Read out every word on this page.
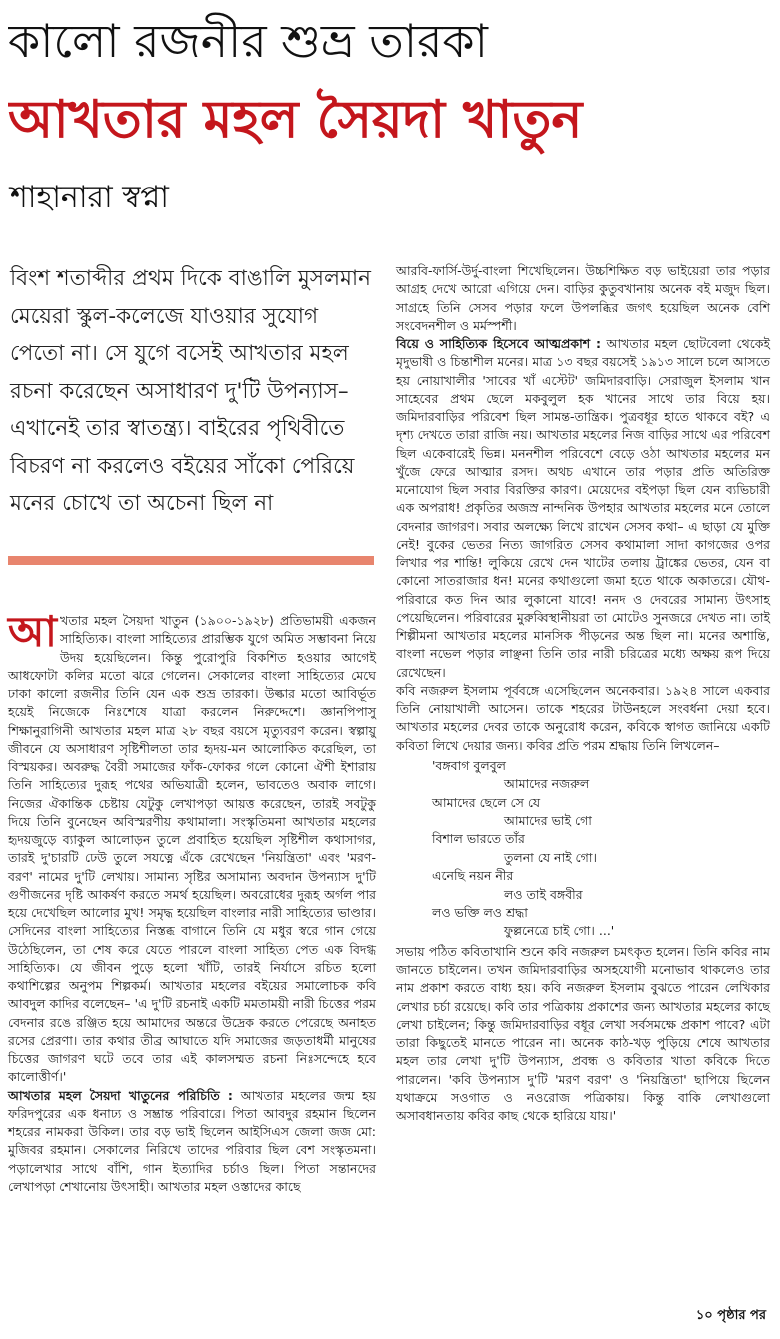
কালো রজনীর শুভ্র তারকা
আখতার মহল সৈয়দা খাতুন
শাহানারা স্বপ্না
বিংশ শতাব্দীর প্রথম দিকে বাঙালি মুসলমান মেয়েরা স্কুল-কলেজে যাওয়ার সুযোগ পেতো না। সে যুগে বসেই আখতার মহল রচনা করেছেন অসাধারণ দু'টি উপন্যাস– এখানেই তার স্বাতন্ত্র্য। বাইরের পৃথিবীতে বিচরণ না করলেও বইয়ের সাঁকো পেরিয়ে মনের চোখে তা অচেনা ছিল না

আখতার মহল সৈয়দা খাতুন (১৯০০-১৯২৮) প্রতিভাময়ী একজন সাহিত্যিক। বাংলা সাহিত্যের প্রারম্ভিক যুগে অমিত সম্ভাবনা নিয়ে উদয় হয়েছিলেন। কিন্তু পুরোপুরি বিকশিত হওয়ার আগেই আধফোটা কলির মতো ঝরে গেলেন। সেকালের বাংলা সাহিত্যের মেঘে ঢাকা কালো রজনীর তিনি যেন এক শুভ্র তারকা। উল্কার মতো আবির্ভূত হয়েই নিজেকে নিঃশেষে যাত্রা করলেন নিরুদ্দেশে। জ্ঞানপিপাসু শিক্ষানুরাগিনী আখতার মহল মাত্র ২৮ বছর বয়সে মৃত্যুবরণ করেন। স্বল্পায়ু জীবনে যে অসাধারণ সৃষ্টিশীলতা তার হৃদয়-মন আলোকিত করেছিল, তা বিস্ময়কর। অবরুদ্ধ বৈরী সমাজের ফাঁক-ফোকর গলে কোনো ঐশী ইশারায় তিনি সাহিত্যের দুরূহ পথের অভিযাত্রী হলেন, ভাবতেও অবাক লাগে। নিজের ঐকান্তিক চেষ্টায় যেটুকু লেখাপড়া আয়ত্ত করেছেন, তারই সবটুকু দিয়ে তিনি বুনেছেন অবিস্মরণীয় কথামালা। সংস্কৃতিমনা আখতার মহলের হৃদয়জুড়ে ব্যাকুল আলোড়ন তুলে প্রবাহিত হয়েছিল সৃষ্টিশীল কথাসাগর, তারই দু'চারটি ঢেউ তুলে সযত্নে এঁকে রেখেছেন 'নিয়ন্ত্রিতা' এবং 'মরণ-বরণ' নামের দু'টি লেখায়। সামান্য সৃষ্টির অসামান্য অবদান উপন্যাস দু'টি গুণীজনের দৃষ্টি আকর্ষণ করতে সমর্থ হয়েছিল। অবরোধের দুরূহ অর্গল পার হয়ে দেখেছিল আলোর মুখ! সমৃদ্ধ হয়েছিল বাংলার নারী সাহিত্যের ভাণ্ডার। সেদিনের বাংলা সাহিত্যের নিস্তব্ধ বাগানে তিনি যে মধুর স্বরে গান গেয়ে উঠেছিলেন, তা শেষ করে যেতে পারলে বাংলা সাহিত্য পেত এক বিদগ্ধ সাহিত্যিক। যে জীবন পুড়ে হলো খাঁটি, তারই নির্যাসে রচিত হলো কথাশিল্পের অনুপম শিল্পকর্ম। আখতার মহলের বইয়ের সমালোচক কবি আবদুল কাদির বলেছেন– 'এ দু'টি রচনাই একটি মমতাময়ী নারী চিত্তের পরম বেদনার রঙে রঞ্জিত হয়ে আমাদের অন্তরে উদ্রেক করতে পেরেছে অনাহত রসের প্রেরণা। তার কথার তীব্র আঘাতে যদি সমাজের জড়তাধর্মী মানুষের চিত্তের জাগরণ ঘটে তবে তার এই কালসম্মত রচনা নিঃসন্দেহে হবে কালোত্তীর্ণ।'

আখতার মহল সৈয়দা খাতুনের পরিচিতি : আখতার মহলের জন্ম হয় ফরিদপুরের এক ধনাঢ্য ও সম্ভ্রান্ত পরিবারে। পিতা আবদুর রহমান ছিলেন শহরের নামকরা উকিল। তার বড় ভাই ছিলেন আইসিএস জেলা জজ মো: মুজিবর রহমান। সেকালের নিরিখে তাদের পরিবার ছিল বেশ সংস্কৃতমনা। পড়ালেখার সাথে বাঁশি, গান ইত্যাদির চর্চাও ছিল। পিতা সন্তানদের লেখাপড়া শেখানোয় উৎসাহী। আখতার মহল ওস্তাদের কাছে

আরবি-ফার্সি-উর্দু-বাংলা শিখেছিলেন। উচ্চশিক্ষিত বড় ভাইয়েরা তার পড়ার আগ্রহ দেখে আরো এগিয়ে দেন। বাড়ির কুতুবখানায় অনেক বই মজুদ ছিল। সাগ্রহে তিনি সেসব পড়ার ফলে উপলব্ধির জগৎ হয়েছিল অনেক বেশি সংবেদনশীল ও মর্মস্পর্শী।

বিয়ে ও সাহিত্যিক হিসেবে আত্মপ্রকাশ : আখতার মহল ছোটবেলা থেকেই মৃদুভাষী ও চিন্তাশীল মনের। মাত্র ১৩ বছর বয়সেই ১৯১৩ সালে চলে আসতে হয় নোয়াখালীর 'সাবের খাঁ এস্টেট' জমিদারবাড়ি। সেরাজুল ইসলাম খান সাহেবের প্রথম ছেলে মকবুলুল হক খানের সাথে তার বিয়ে হয়। জমিদারবাড়ির পরিবেশ ছিল সামন্ত-তান্ত্রিক। পুত্রবধূর হাতে থাকবে বই? এ দৃশ্য দেখতে তারা রাজি নয়। আখতার মহলের নিজ বাড়ির সাথে এর পরিবেশ ছিল একেবারেই ভিন্ন। মননশীল পরিবেশে বেড়ে ওঠা আখতার মহলের মন খুঁজে ফেরে আত্মার রসদ। অথচ এখানে তার পড়ার প্রতি অতিরিক্ত মনোযোগ ছিল সবার বিরক্তির কারণ। মেয়েদের বইপড়া ছিল যেন ব্যভিচারী এক অপরাধ! প্রকৃতির অজস্র নান্দনিক উপহার আখতার মহলের মনে তোলে বেদনার জাগরণ। সবার অলক্ষ্যে লিখে রাখেন সেসব কথা– এ ছাড়া যে মুক্তি নেই! বুকের ভেতর নিত্য জাগরিত সেসব কথামালা সাদা কাগজের ওপর লিখার পর শান্তি! লুকিয়ে রেখে দেন খাটের তলায় ট্রাঙ্কের ভেতর, যেন বা কোনো সাতরাজার ধন! মনের কথাগুলো জমা হতে থাকে অকাতরে। যৌথ-পরিবারে কত দিন আর লুকানো যাবে! ননদ ও দেবরের সামান্য উৎসাহ পেয়েছিলেন। পরিবারের মুরুব্বিস্থানীয়রা তা মোটেও সুনজরে দেখত না। তাই শিল্পীমনা আখতার মহলের মানসিক পীড়নের অন্ত ছিল না। মনের অশান্তি, বাংলা নভেল পড়ার লাঞ্ছনা তিনি তার নারী চরিত্রের মধ্যে অক্ষয় রূপ দিয়ে রেখেছেন।

কবি নজরুল ইসলাম পূর্ববঙ্গে এসেছিলেন অনেকবার। ১৯২৪ সালে একবার তিনি নোয়াখালী আসেন। তাকে শহরের টাউনহলে সংবর্ধনা দেয়া হবে। আখতার মহলের দেবর তাকে অনুরোধ করেন, কবিকে স্বাগত জানিয়ে একটি কবিতা লিখে দেয়ার জন্য। কবির প্রতি পরম শ্রদ্ধায় তিনি লিখলেন–

'বঙ্গবাগ বুলবুল
আমাদের নজরুল
আমাদের ছেলে সে যে
আমাদের ভাই গো
বিশাল ভারতে তাঁর
তুলনা যে নাই গো।
এনেছি নয়ন নীর
লও তাই বঙ্গবীর
লও ভক্তি লও শ্রদ্ধা
ফুল্লনেত্রে চাই গো। ...'

সভায় পঠিত কবিতাখানি শুনে কবি নজরুল চমৎকৃত হলেন। তিনি কবির নাম জানতে চাইলেন। তখন জমিদারবাড়ির অসহযোগী মনোভাব থাকলেও তার নাম প্রকাশ করতে বাধ্য হয়। কবি নজরুল ইসলাম বুঝতে পারেন লেখিকার লেখার চর্চা রয়েছে। কবি তার পত্রিকায় প্রকাশের জন্য আখতার মহলের কাছে লেখা চাইলেন; কিন্তু জমিদারবাড়ির বধূর লেখা সর্বসমক্ষে প্রকাশ পাবে? এটা তারা কিছুতেই মানতে পারেন না। অনেক কাঠ-খড় পুড়িয়ে শেষে আখতার মহল তার লেখা দু'টি উপন্যাস, প্রবন্ধ ও কবিতার খাতা কবিকে দিতে পারলেন। 'কবি উপন্যাস দু'টি 'মরণ বরণ' ও 'নিয়ন্ত্রিতা' ছাপিয়ে ছিলেন যথাক্রমে সওগাত ও নওরোজ পত্রিকায়। কিন্তু বাকি লেখাগুলো অসাবধানতায় কবির কাছ থেকে হারিয়ে যায়।'

১০ পৃষ্ঠার পর
